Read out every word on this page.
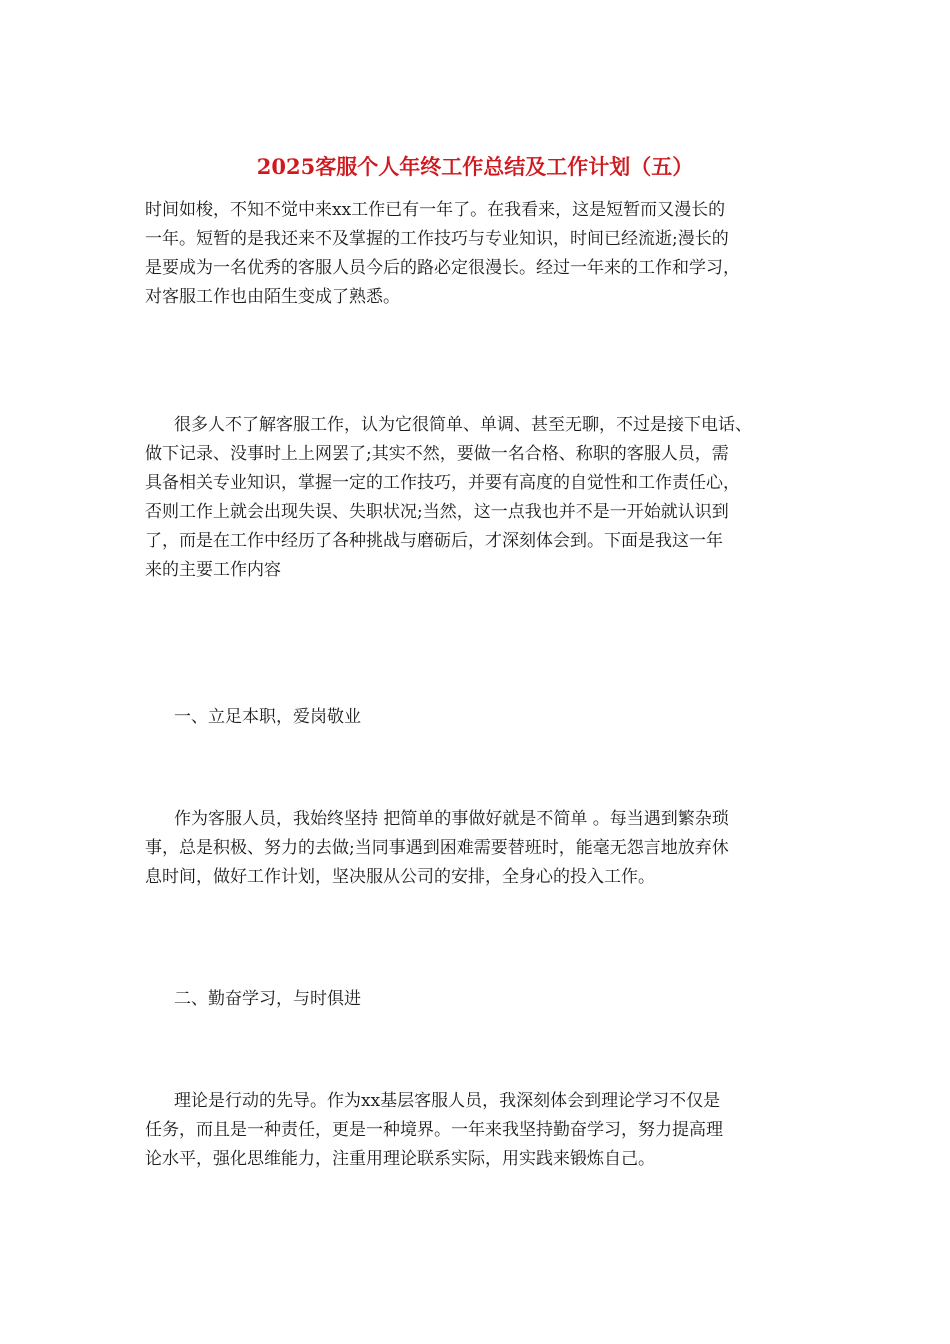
2025客服个人年终工作总结及工作计划（五）
时间如梭，不知不觉中来xx工作已有一年了。在我看来，这是短暂而又漫长的
一年。短暂的是我还来不及掌握的工作技巧与专业知识，时间已经流逝;漫长的
是要成为一名优秀的客服人员今后的路必定很漫长。经过一年来的工作和学习，
对客服工作也由陌生变成了熟悉。
很多人不了解客服工作，认为它很简单、单调、甚至无聊，不过是接下电话、
做下记录、没事时上上网罢了;其实不然，要做一名合格、称职的客服人员，需
具备相关专业知识，掌握一定的工作技巧，并要有高度的自觉性和工作责任心，
否则工作上就会出现失误、失职状况;当然，这一点我也并不是一开始就认识到
了，而是在工作中经历了各种挑战与磨砺后，才深刻体会到。下面是我这一年
来的主要工作内容
一、立足本职，爱岗敬业
作为客服人员，我始终坚持 把简单的事做好就是不简单 。每当遇到繁杂琐
事，总是积极、努力的去做;当同事遇到困难需要替班时，能毫无怨言地放弃休
息时间，做好工作计划，坚决服从公司的安排，全身心的投入工作。
二、勤奋学习，与时俱进
理论是行动的先导。作为xx基层客服人员，我深刻体会到理论学习不仅是
任务，而且是一种责任，更是一种境界。一年来我坚持勤奋学习，努力提高理
论水平，强化思维能力，注重用理论联系实际，用实践来锻炼自己。
